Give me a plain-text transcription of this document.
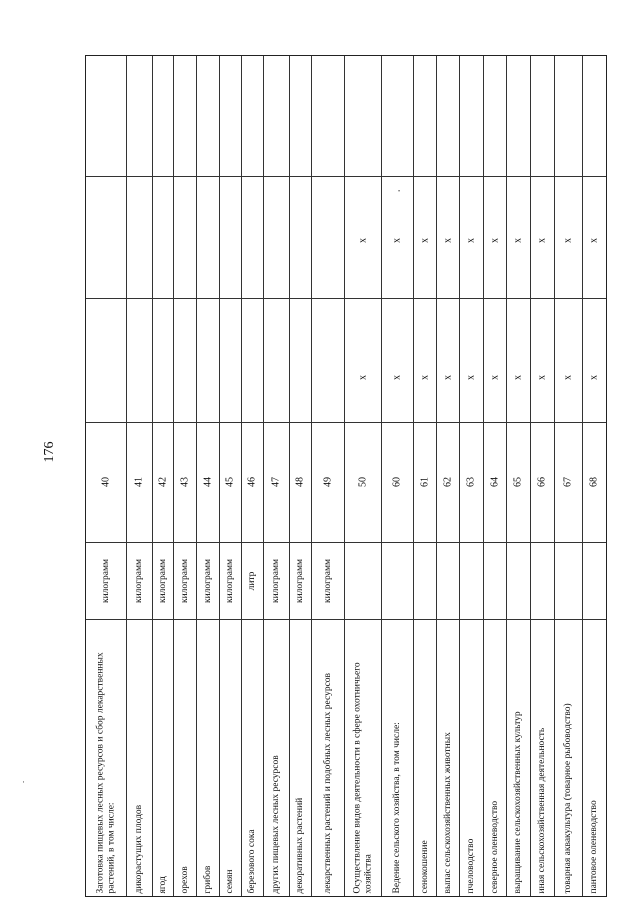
176
·
•
Заготовка пищевых лесных ресурсов и сбор лекарственных растений, в том числе:
килограмм
40
дикорастущих плодов
килограмм
41
ягод
килограмм
42
орехов
килограмм
43
грибов
килограмм
44
семян
килограмм
45
березового сока
литр
46
других пищевых лесных ресурсов
килограмм
47
декоративных растений
килограмм
48
лекарственных растений и подобных лесных ресурсов
килограмм
49
Осуществление видов деятельности в сфере охотничьего хозяйства
50
x
x
Ведение сельского хозяйства, в том числе:
60
x
x
сенокошение
61
x
x
выпас сельскохозяйственных животных
62
x
x
пчеловодство
63
x
x
северное оленеводство
64
x
x
выращивание сельскохозяйственных культур
65
x
x
иная сельскохозяйственная деятельность
66
x
x
товарная аквакультура (товарное рыбоводство)
67
x
x
пантовое оленеводство
68
x
x
